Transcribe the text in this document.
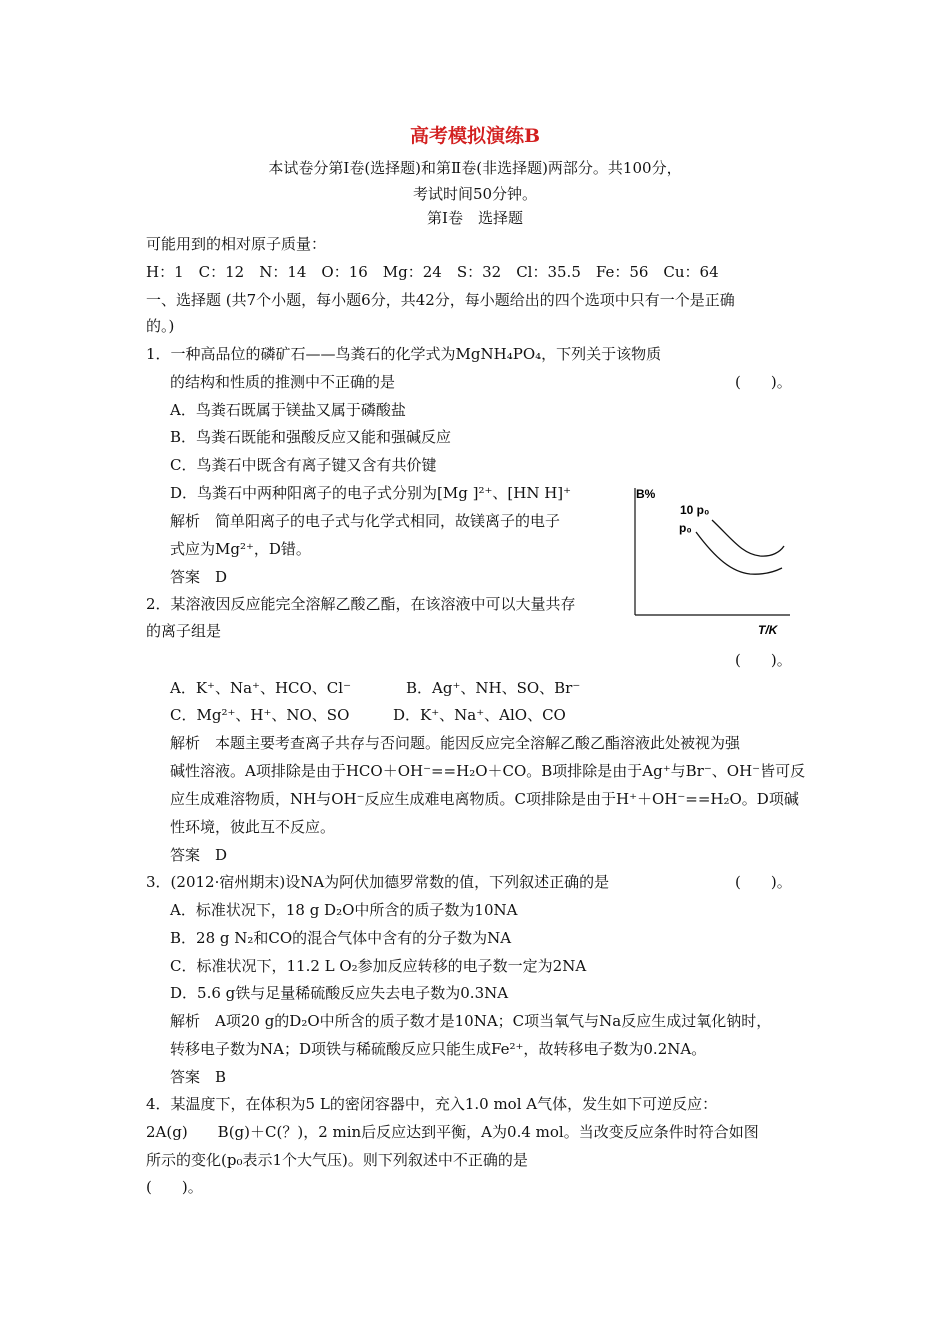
高考模拟演练B
本试卷分第Ⅰ卷(选择题)和第Ⅱ卷(非选择题)两部分。共100分，
考试时间50分钟。
第Ⅰ卷　选择题
可能用到的相对原子质量：
H：1　C：12　N：14　O：16　Mg：24　S：32　Cl：35.5　Fe：56　Cu：64
一、选择题 (共7个小题，每小题6分，共42分，每小题给出的四个选项中只有一个是正确
的。)
1．一种高品位的磷矿石——鸟粪石的化学式为MgNH₄PO₄，下列关于该物质
的结构和性质的推测中不正确的是	(　　)。
A．鸟粪石既属于镁盐又属于磷酸盐
B．鸟粪石既能和强酸反应又能和强碱反应
C．鸟粪石中既含有离子键又含有共价键
D．鸟粪石中两种阳离子的电子式分别为[Mg ]²⁺、[HN H]⁺
解析　简单阳离子的电子式与化学式相同，故镁离子的电子
式应为Mg²⁺，D错。
答案　D
B%
T/K
10 p₀
p₀
2．某溶液因反应能完全溶解乙酸乙酯，在该溶液中可以大量共存
的离子组是
(　　)。
A．K⁺、Na⁺、HCO、Cl⁻	B．Ag⁺、NH、SO、Br⁻
C．Mg²⁺、H⁺、NO、SO	D．K⁺、Na⁺、AlO、CO
解析　本题主要考查离子共存与否问题。能因反应完全溶解乙酸乙酯溶液此处被视为强
碱性溶液。A项排除是由于HCO＋OH⁻==H₂O＋CO。B项排除是由于Ag⁺与Br⁻、OH⁻皆可反
应生成难溶物质，NH与OH⁻反应生成难电离物质。C项排除是由于H⁺＋OH⁻==H₂O。D项碱
性环境，彼此互不反应。
答案　D
3．(2012·宿州期末)设NA为阿伏加德罗常数的值，下列叙述正确的是	(　　)。
A．标准状况下，18 g D₂O中所含的质子数为10NA
B．28 g N₂和CO的混合气体中含有的分子数为NA
C．标准状况下，11.2 L O₂参加反应转移的电子数一定为2NA
D．5.6 g铁与足量稀硫酸反应失去电子数为0.3NA
解析　A项20 g的D₂O中所含的质子数才是10NA；C项当氧气与Na反应生成过氧化钠时，
转移电子数为NA；D项铁与稀硫酸反应只能生成Fe²⁺，故转移电子数为0.2NA。
答案　B
4．某温度下，在体积为5 L的密闭容器中，充入1.0 mol A气体，发生如下可逆反应：
2A(g)　　B(g)＋C(？)，2 min后反应达到平衡，A为0.4 mol。当改变反应条件时符合如图
所示的变化(p₀表示1个大气压)。则下列叙述中不正确的是
(　　)。
